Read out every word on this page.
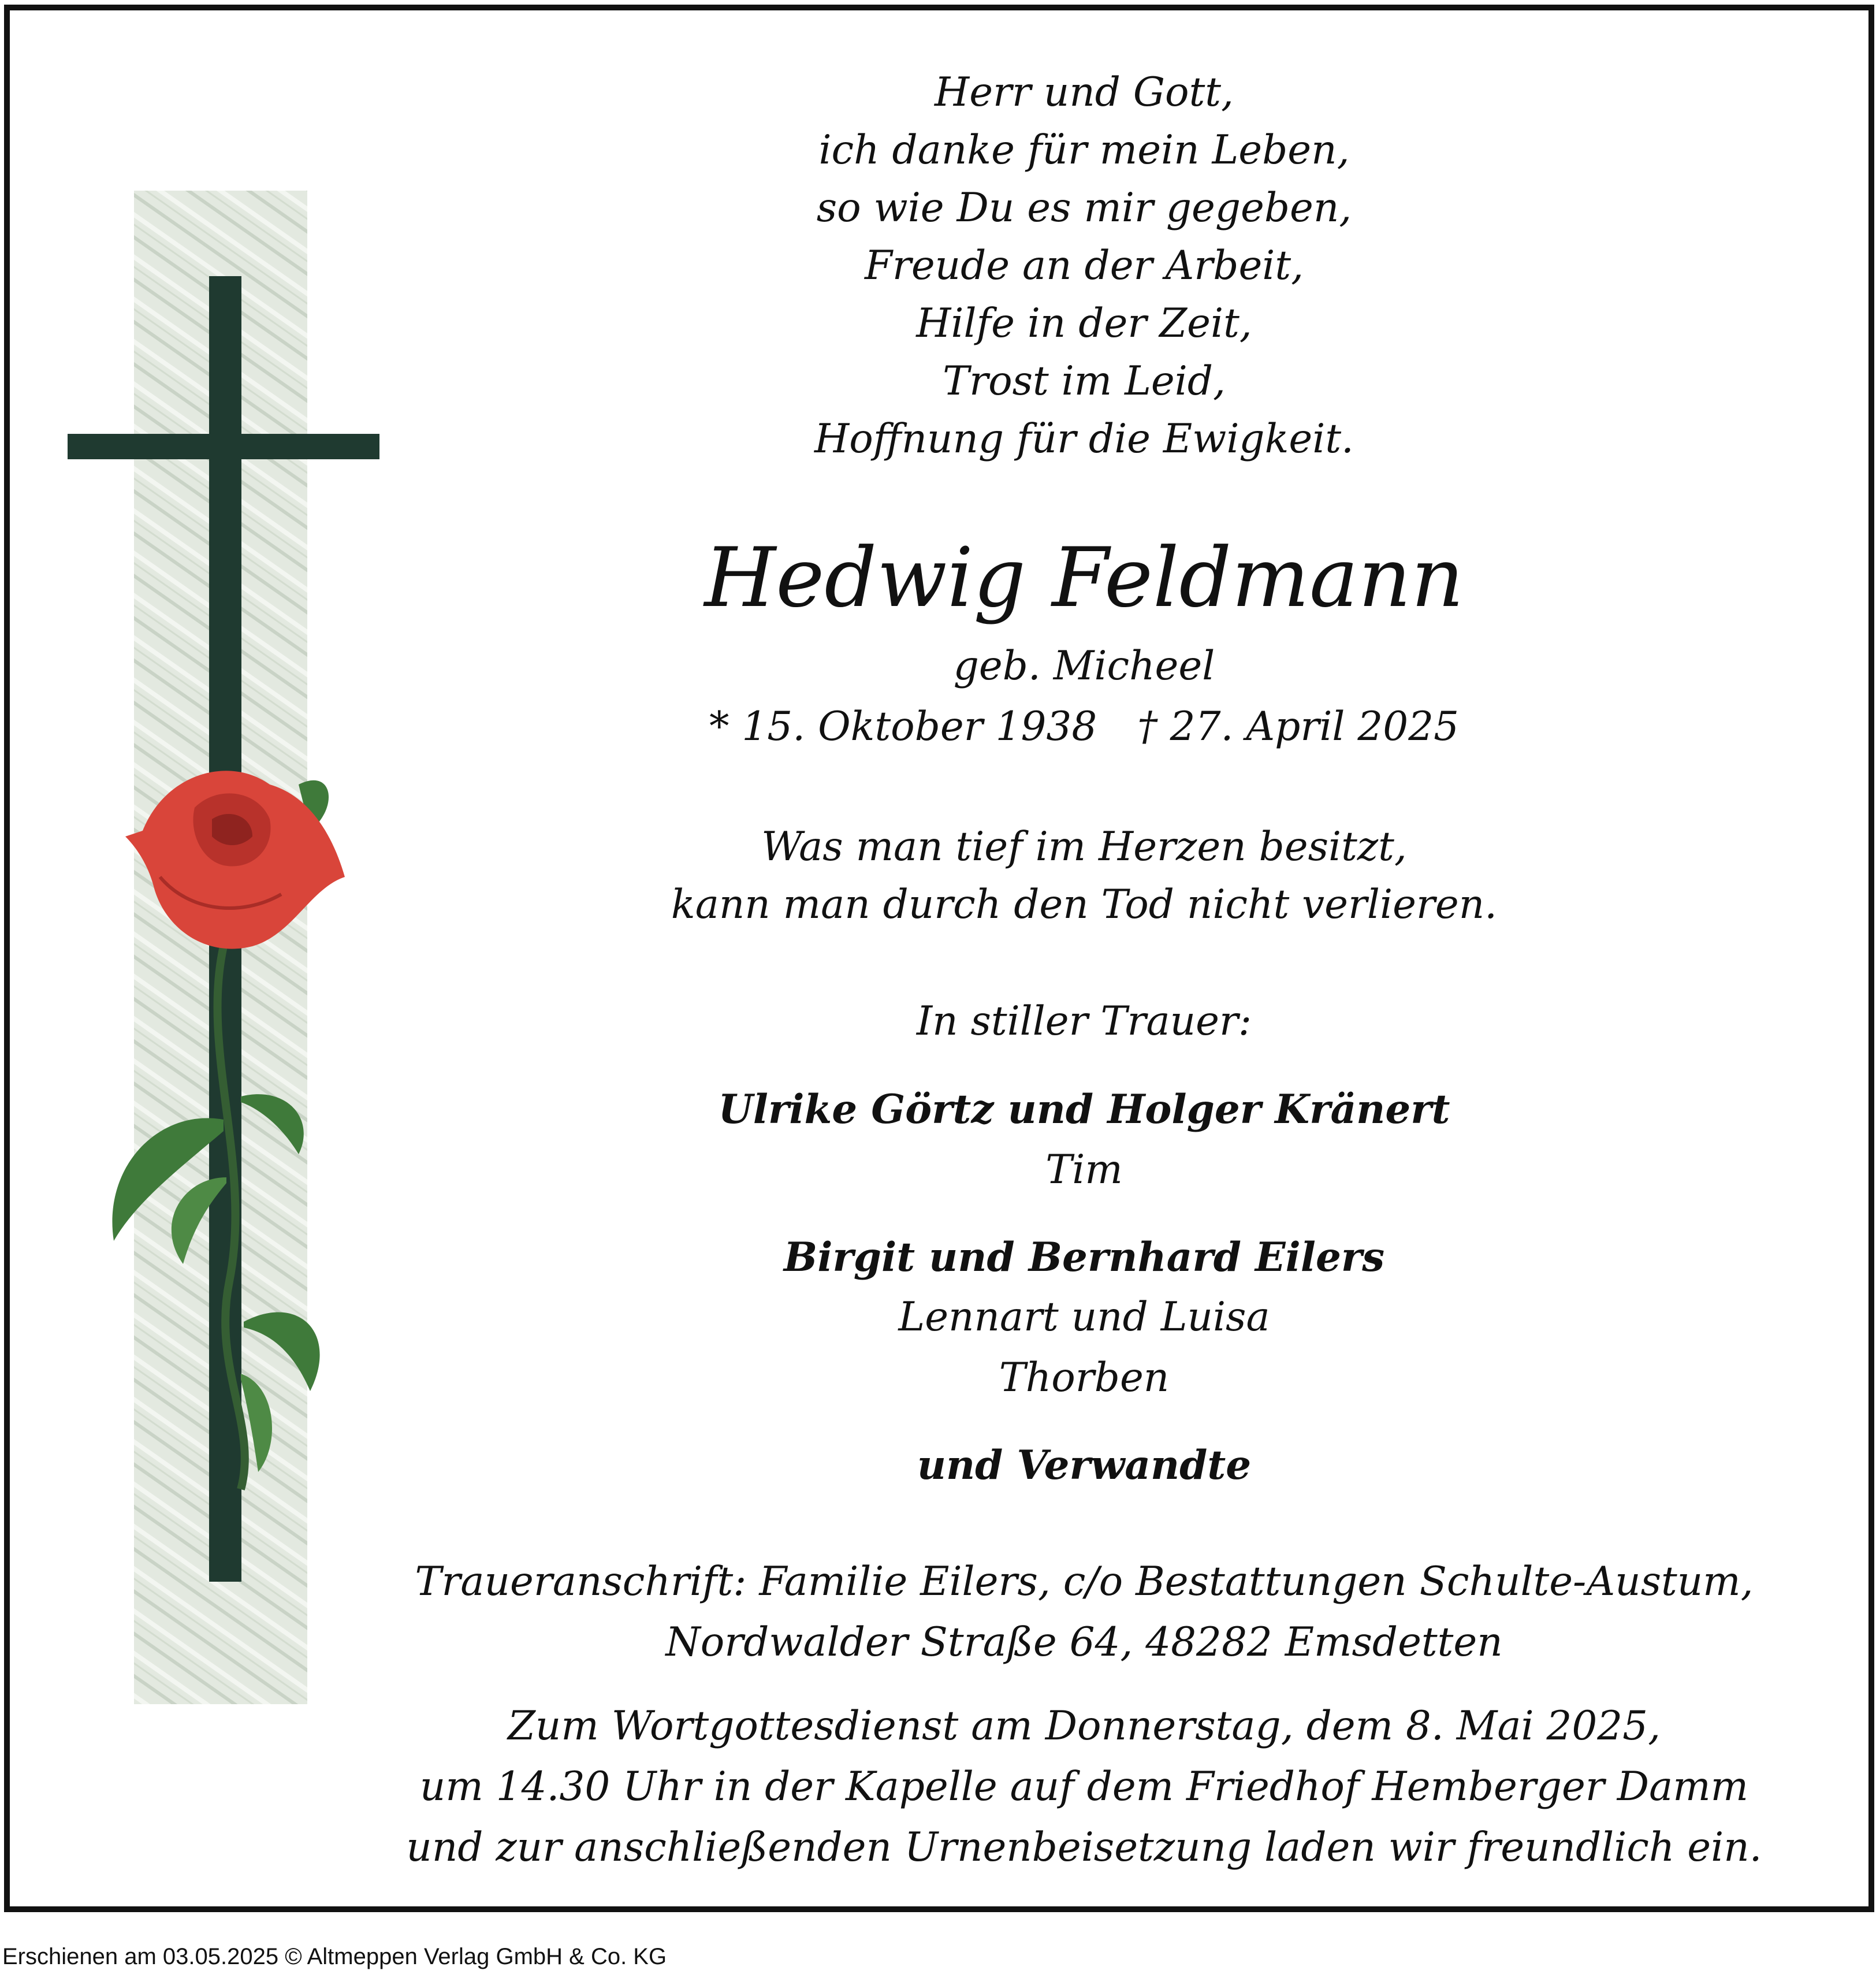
Herr und Gott,
ich danke für mein Leben,
so wie Du es mir gegeben,
Freude an der Arbeit,
Hilfe in der Zeit,
Trost im Leid,
Hoffnung für die Ewigkeit.
Hedwig Feldmann
geb. Micheel
* 15. Oktober 1938 † 27. April 2025
Was man tief im Herzen besitzt,
kann man durch den Tod nicht verlieren.
In stiller Trauer:
Ulrike Görtz und Holger Kränert
Tim
Birgit und Bernhard Eilers
Lennart und Luisa
Thorben
und Verwandte
Traueranschrift: Familie Eilers, c/o Bestattungen Schulte-Austum,
Nordwalder Straße 64, 48282 Emsdetten
Zum Wortgottesdienst am Donnerstag, dem 8. Mai 2025,
um 14.30 Uhr in der Kapelle auf dem Friedhof Hemberger Damm
und zur anschließenden Urnenbeisetzung laden wir freundlich ein.
Erschienen am 03.05.2025 © Altmeppen Verlag GmbH & Co. KG
